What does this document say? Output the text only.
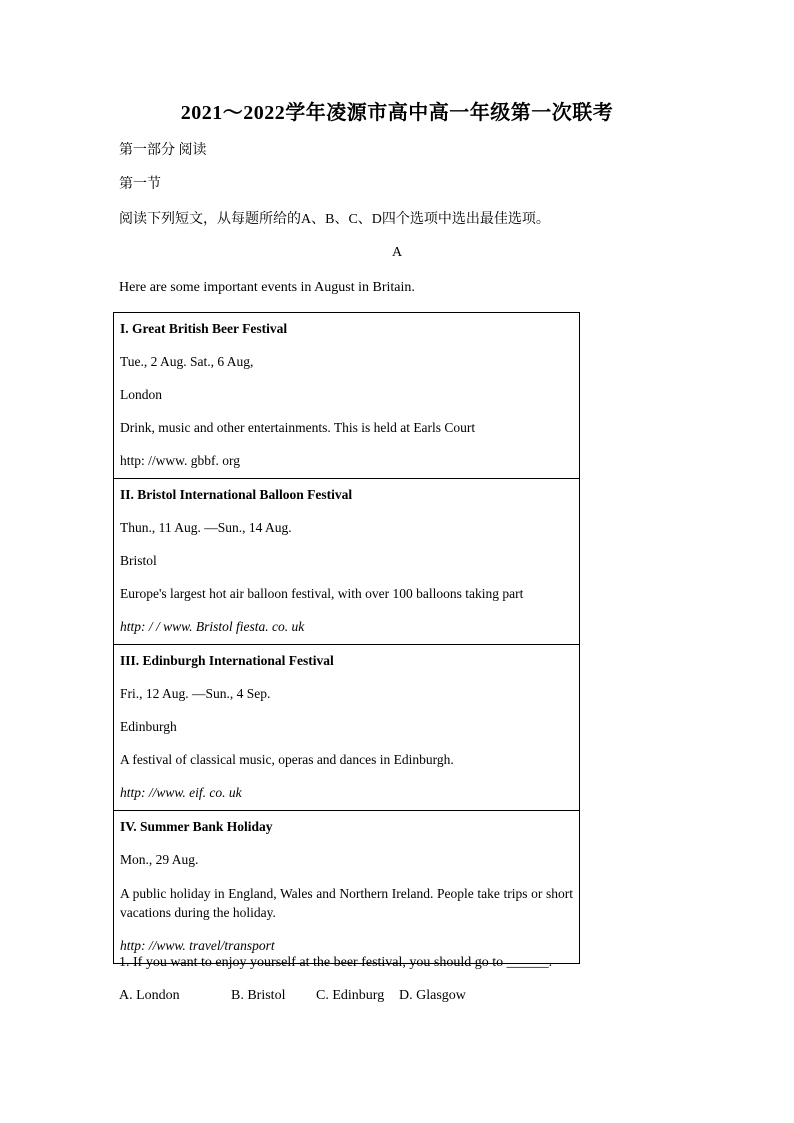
2021～2022学年凌源市高中高一年级第一次联考
第一部分 阅读
第一节
阅读下列短文，从每题所给的A、B、C、D四个选项中选出最佳选项。
A
Here are some important events in August in Britain.

I. Great British Beer Festival

Tue., 2 Aug. Sat., 6 Aug,

London

Drink, music and other entertainments. This is held at Earls Court

http: //www. gbbf. org

II. Bristol International Balloon Festival

Thun., 11 Aug. —Sun., 14 Aug.

Bristol

Europe's largest hot air balloon festival, with over 100 balloons taking part

http: / / www. Bristol fiesta. co. uk

III. Edinburgh International Festival

Fri., 12 Aug. —Sun., 4 Sep.

Edinburgh

A festival of classical music, operas and dances in Edinburgh.

http: //www. eif. co. uk

IV. Summer Bank Holiday

Mon., 29 Aug.

A public holiday in England, Wales and Northern Ireland. People take trips or short vacations during the holiday.

http: //www. travel/transport

1. If you want to enjoy yourself at the beer festival, you should go to ______.
A. London	B. Bristol C. Edinburg D. Glasgow
